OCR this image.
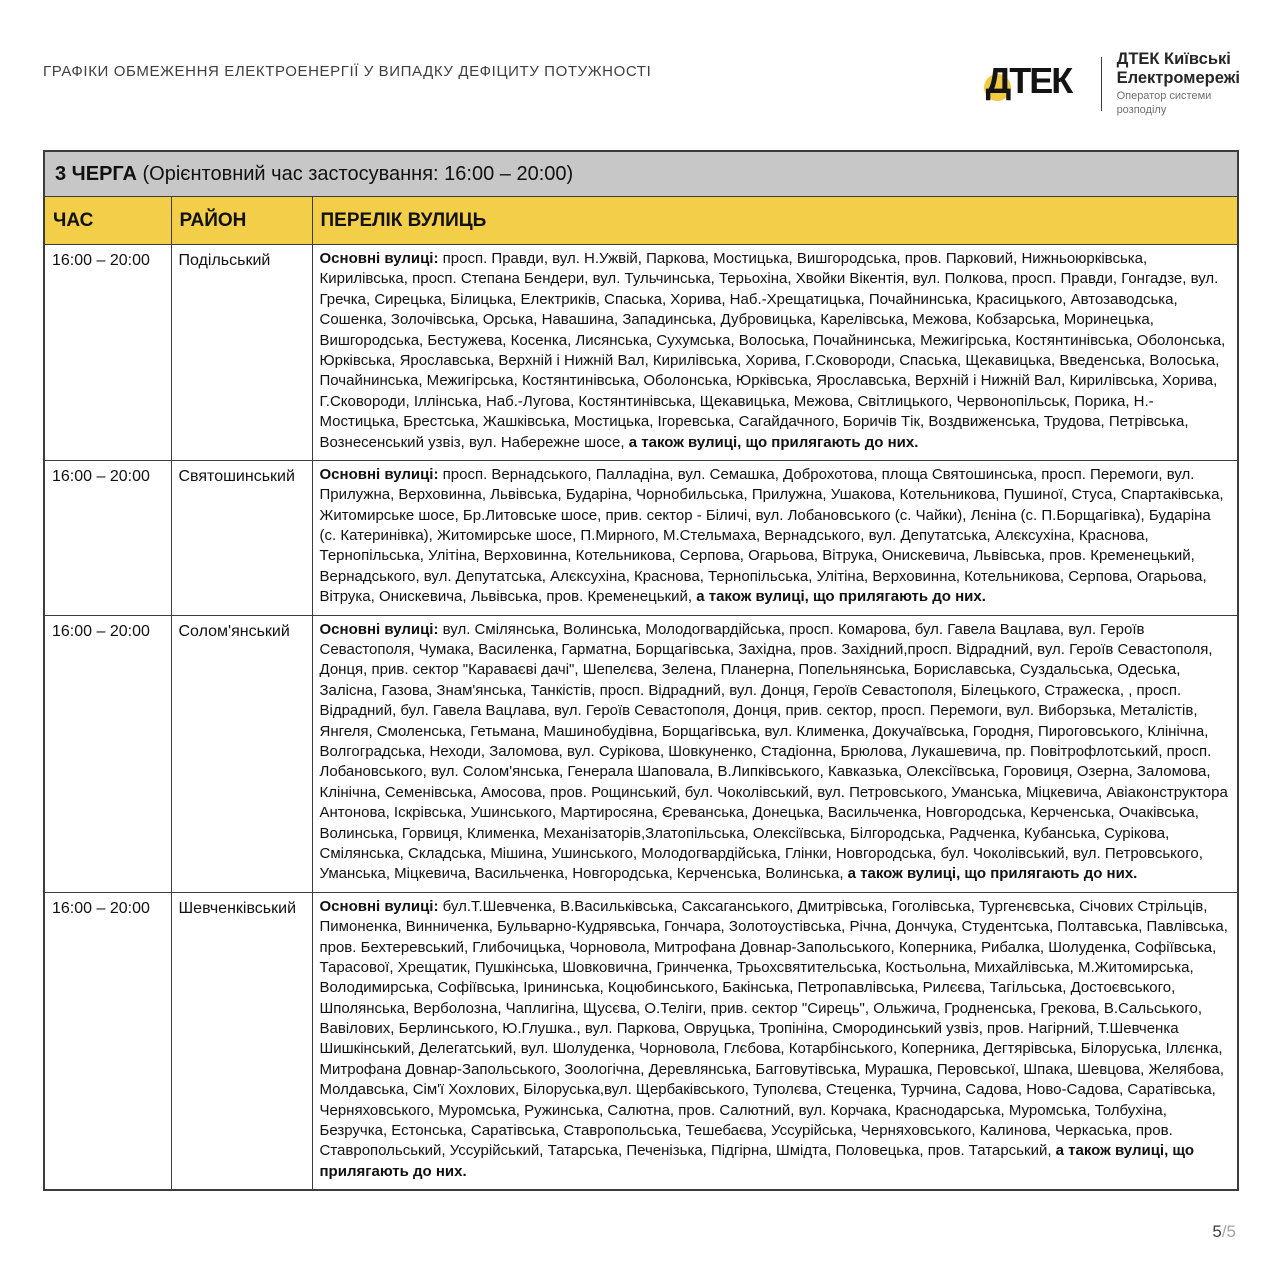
ГРАФІКИ ОБМЕЖЕННЯ ЕЛЕКТРОЕНЕРГІЇ У ВИПАДКУ ДЕФІЦИТУ ПОТУЖНОСТІ	ДТЕК
ДТЕК Київські
Електромережі
Оператор системи
розподілу
3 ЧЕРГА (Орієнтовний час застосування: 16:00 – 20:00)		
ЧАС	РАЙОН	ПЕРЕЛІК ВУЛИЦЬ
16:00 – 20:00	Подільський	Основні вулиці: просп. Правди, вул. Н.Ужвій, Паркова, Мостицька, Вишгородська, пров. Парковий, Нижньоюрківська, Кирилівська, просп. Степана Бендери, вул. Тульчинська, Терьохіна, Хвойки Вікентія, вул. Полкова, просп. Правди, Гонгадзе, вул. Гречка, Сирецька, Білицька, Електриків, Спаська, Хорива, Наб.-Хрещатицька, Почайнинська, Красицького, Автозаводська, Сошенка, Золочівська, Орська, Навашина, Западинська, Дубровицька, Карелівська, Межова, Кобзарська, Моринецька, Вишгородська, Бестужева, Косенка, Лисянська, Сухумська, Волоська, Почайнинська, Межигірська, Костянтинівська, Оболонська, Юрківська, Ярославська, Верхній і Нижній Вал, Кирилівська, Хорива, Г.Сковороди, Спаська, Щекавицька, Введенська, Волоська, Почайнинська, Межигірська, Костянтинівська, Оболонська, Юрківська, Ярославська, Верхній і Нижній Вал, Кирилівська, Хорива, Г.Сковороди, Іллінська, Наб.-Лугова, Костянтинівська, Щекавицька, Межова, Світлицького, Червонопільськ, Порика, Н.-Мостицька, Брестська, Жашківська, Мостицька, Ігоревська, Сагайдачного, Боричів Тік, Воздвиженська, Трудова, Петрівська, Вознесенський узвіз, вул. Набережне шосе, а також вулиці, що прилягають до них.
16:00 – 20:00	Святошинський	Основні вулиці: просп. Вернадського, Палладіна, вул. Семашка, Доброхотова, площа Святошинська, просп. Перемоги, вул. Прилужна, Верховинна, Львівська, Бударіна, Чорнобильська, Прилужна, Ушакова, Котельникова, Пушиної, Стуса, Спартаківська, Житомирське шосе, Бр.Литовське шосе, прив. сектор - Біличі, вул. Лобановського (с. Чайки), Лєніна (с. П.Борщагівка), Бударіна (с. Катеринівка), Житомирське шосе, П.Мирного, М.Стельмаха, Вернадського, вул. Депутатська, Алєксухіна, Краснова, Тернопільська, Улітіна, Верховинна, Котельникова, Серпова, Огарьова, Вітрука, Онискевича, Львівська, пров. Кременецький, Вернадського, вул. Депутатська, Алєксухіна, Краснова, Тернопільська, Улітіна, Верховинна, Котельникова, Серпова, Огарьова, Вітрука, Онискевича, Львівська, пров. Кременецький, а також вулиці, що прилягають до них.
16:00 – 20:00	Солом'янський	Основні вулиці: вул. Смілянська, Волинська, Молодогвардійська, просп. Комарова, бул. Гавела Вацлава, вул. Героїв Севастополя, Чумака, Василенка, Гарматна, Борщагівська, Західна, пров. Західний,просп. Відрадний, вул. Героїв Севастополя, Донця, прив. сектор "Караваєві дачі", Шепелєва, Зелена, Планерна, Попельнянська, Бориславська, Суздальська, Одеська, Залісна, Газова, Знам'янська, Танкістів, просп. Відрадний, вул. Донця, Героїв Севастополя, Білецького, Стражеска, , просп. Відрадний, бул. Гавела Вацлава, вул. Героїв Севастополя, Донця, прив. сектор, просп. Перемоги, вул. Виборзька, Металістів, Янгеля, Смоленська, Гетьмана, Машинобудівна, Борщагівська, вул. Клименка, Докучаївська, Городня, Пироговського, Клінічна, Волгоградська, Неходи, Заломова, вул. Сурікова, Шовкуненко, Стадіонна, Брюлова, Лукашевича, пр. Повітрофлотський, просп. Лобановського, вул. Солом'янська, Генерала Шаповала, В.Липківського, Кавказька, Олексіївська, Горовиця, Озерна, Заломова, Клінічна, Семенівська, Амосова, пров. Рощинський, бул. Чоколівський, вул. Петровського, Уманська, Міцкевича, Авіаконструктора Антонова, Іскрівська, Ушинського, Мартиросяна, Єреванська, Донецька, Васильченка, Новгородська, Керченська, Очаківська, Волинська, Горвиця, Клименка, Механізаторів,Златопільська, Олексіївська, Білгородська, Радченка, Кубанська, Сурікова, Смілянська, Складська, Мішина, Ушинського, Молодогвардійська, Глінки, Новгородська, бул. Чоколівський, вул. Петровського, Уманська, Міцкевича, Васильченка, Новгородська, Керченська, Волинська, а також вулиці, що прилягають до них.
16:00 – 20:00	Шевченківський	Основні вулиці: бул.Т.Шевченка, В.Васильківська, Саксаганського, Дмитрівська, Гоголівська, Тургенєвська, Січових Стрільців, Пимоненка, Винниченка, Бульварно-Кудрявська, Гончара, Золотоустівська, Річна, Дончука, Студентська, Полтавська, Павлівська, пров. Бехтеревський, Глибочицька, Чорновола, Митрофана Довнар-Запольського, Коперника, Рибалка, Шолуденка, Софіївська, Тарасової, Хрещатик, Пушкінська, Шовковична, Гринченка, Трьохсвятительська, Костьольна, Михайлівська, М.Житомирська, Володимирська, Софіївська, Ірининська, Коцюбинського, Бакінська, Петропавлівська, Рилєєва, Тагільська, Достоєвського, Шполянська, Верболозна, Чаплигіна, Щусєва, О.Теліги, прив. сектор "Сирець", Ольжича, Гродненська, Грекова, В.Сальського, Вавілових, Берлинського, Ю.Глушка., вул. Паркова, Овруцька, Тропініна, Смородинський узвіз, пров. Нагірний, Т.Шевченка Шишкінський, Делегатський, вул. Шолуденка, Чорновола, Глєбова, Котарбінського, Коперника, Дегтярівська, Білоруська, Іллєнка, Митрофана Довнар-Запольського, Зоологічна, Деревлянська, Багговутівська, Мурашка, Перовської, Шпака, Шевцова, Желябова, Молдавська, Сім'ї Хохлових, Білоруська,вул. Щербаківського, Туполєва, Стеценка, Турчина, Садова, Ново-Садова, Саратівська, Черняховського, Муромська, Ружинська, Салютна, пров. Салютний, вул. Корчака, Краснодарська, Муромська, Толбухіна, Безручка, Естонська, Саратівська, Ставропольська, Тешебаєва, Уссурійська, Черняховського, Калинова, Черкаська, пров. Ставропольський, Уссурійський, Татарська, Печенізька, Підгірна, Шмідта, Половецька, пров. Татарський, а також вулиці, що прилягають до них.
5/5
